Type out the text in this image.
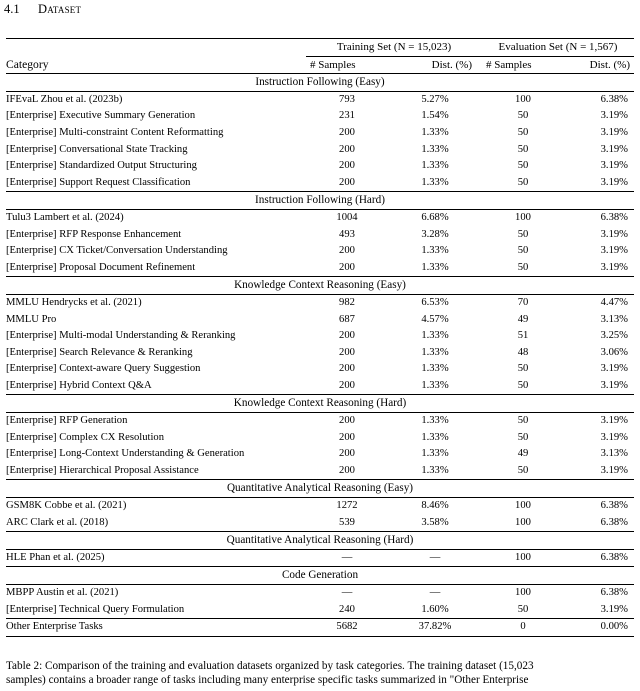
4.1 Dataset
Category	Training Set (N = 15,023)		Evaluation Set (N = 1,567)	
	# Samples	Dist. (%)	# Samples	Dist. (%)
Instruction Following (Easy)				
IFEvaL Zhou et al. (2023b)	793	5.27%	100	6.38%
[Enterprise] Executive Summary Generation	231	1.54%	50	3.19%
[Enterprise] Multi-constraint Content Reformatting	200	1.33%	50	3.19%
[Enterprise] Conversational State Tracking	200	1.33%	50	3.19%
[Enterprise] Standardized Output Structuring	200	1.33%	50	3.19%
[Enterprise] Support Request Classification	200	1.33%	50	3.19%
Instruction Following (Hard)				
Tulu3 Lambert et al. (2024)	1004	6.68%	100	6.38%
[Enterprise] RFP Response Enhancement	493	3.28%	50	3.19%
[Enterprise] CX Ticket/Conversation Understanding	200	1.33%	50	3.19%
[Enterprise] Proposal Document Refinement	200	1.33%	50	3.19%
Knowledge Context Reasoning (Easy)				
MMLU Hendrycks et al. (2021)	982	6.53%	70	4.47%
MMLU Pro	687	4.57%	49	3.13%
[Enterprise] Multi-modal Understanding & Reranking	200	1.33%	51	3.25%
[Enterprise] Search Relevance & Reranking	200	1.33%	48	3.06%
[Enterprise] Context-aware Query Suggestion	200	1.33%	50	3.19%
[Enterprise] Hybrid Context Q&A	200	1.33%	50	3.19%
Knowledge Context Reasoning (Hard)				
[Enterprise] RFP Generation	200	1.33%	50	3.19%
[Enterprise] Complex CX Resolution	200	1.33%	50	3.19%
[Enterprise] Long-Context Understanding & Generation	200	1.33%	49	3.13%
[Enterprise] Hierarchical Proposal Assistance	200	1.33%	50	3.19%
Quantitative Analytical Reasoning (Easy)				
GSM8K Cobbe et al. (2021)	1272	8.46%	100	6.38%
ARC Clark et al. (2018)	539	3.58%	100	6.38%
Quantitative Analytical Reasoning (Hard)				
HLE Phan et al. (2025)	—	—	100	6.38%
Code Generation				
MBPP Austin et al. (2021)	—	—	100	6.38%
[Enterprise] Technical Query Formulation	240	1.60%	50	3.19%
Other Enterprise Tasks	5682	37.82%	0	0.00%
Table 2: Comparison of the training and evaluation datasets organized by task categories. The training dataset (15,023
samples) contains a broader range of tasks including many enterprise specific tasks summarized in "Other Enterprise
